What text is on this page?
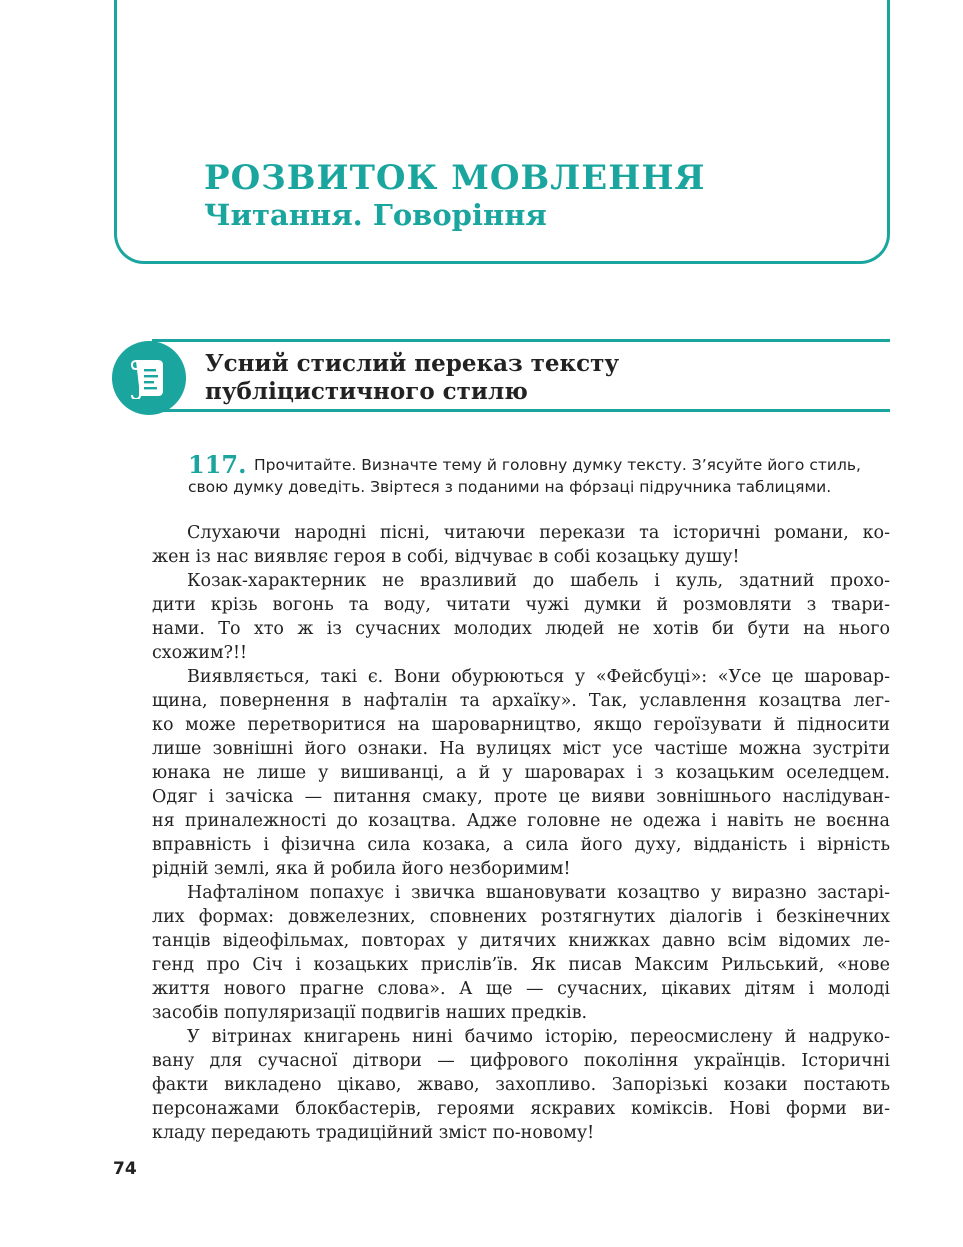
РОЗВИТОК МОВЛЕННЯ
Читання. Говоріння
Усний стислий переказ тексту
публіцистичного стилю
117. Прочитайте. Визначте тему й головну думку тексту. З’ясуйте його стиль,
свою думку доведіть. Звіртеся з поданими на фо́рзаці підручника таблицями.
Слухаючи народні пісні, читаючи перекази та історичні романи, ко-
жен із нас виявляє героя в собі, відчуває в собі козацьку душу!
Козак-характерник не вразливий до шабель і куль, здатний прохо-
дити крізь вогонь та воду, читати чужі думки й розмовляти з твари-
нами. То хто ж із сучасних молодих людей не хотів би бути на нього
схожим?!!
Виявляється, такі є. Вони обурюються у «Фейсбуці»: «Усе це шаровар-
щина, повернення в нафталін та архаїку». Так, уславлення козацтва лег-
ко може перетворитися на шароварництво, якщо героїзувати й підносити
лише зовнішні його ознаки. На вулицях міст усе частіше можна зустріти
юнака не лише у вишиванці, а й у шароварах і з козацьким оселедцем.
Одяг і зачіска — питання смаку, проте це вияви зовнішнього наслідуван-
ня приналежності до козацтва. Адже головне не одежа і навіть не воєнна
вправність і фізична сила козака, а сила його духу, відданість і вірність
рідній землі, яка й робила його незборимим!
Нафталіном попахує і звичка вшановувати козацтво у виразно застарі-
лих формах: довжелезних, сповнених розтягнутих діалогів і безкінечних
танців відеофільмах, повторах у дитячих книжках давно всім відомих ле-
генд про Січ і козацьких прислів’їв. Як писав Максим Рильський, «нове
життя нового прагне слова». А ще — сучасних, цікавих дітям і молоді
засобів популяризації подвигів наших предків.
У вітринах книгарень нині бачимо історію, переосмислену й надруко-
вану для сучасної дітвори — цифрового покоління українців. Історичні
факти викладено цікаво, жваво, захопливо. Запорізькі козаки постають
персонажами блокбастерів, героями яскравих коміксів. Нові форми ви-
кладу передають традиційний зміст по-новому!
74
